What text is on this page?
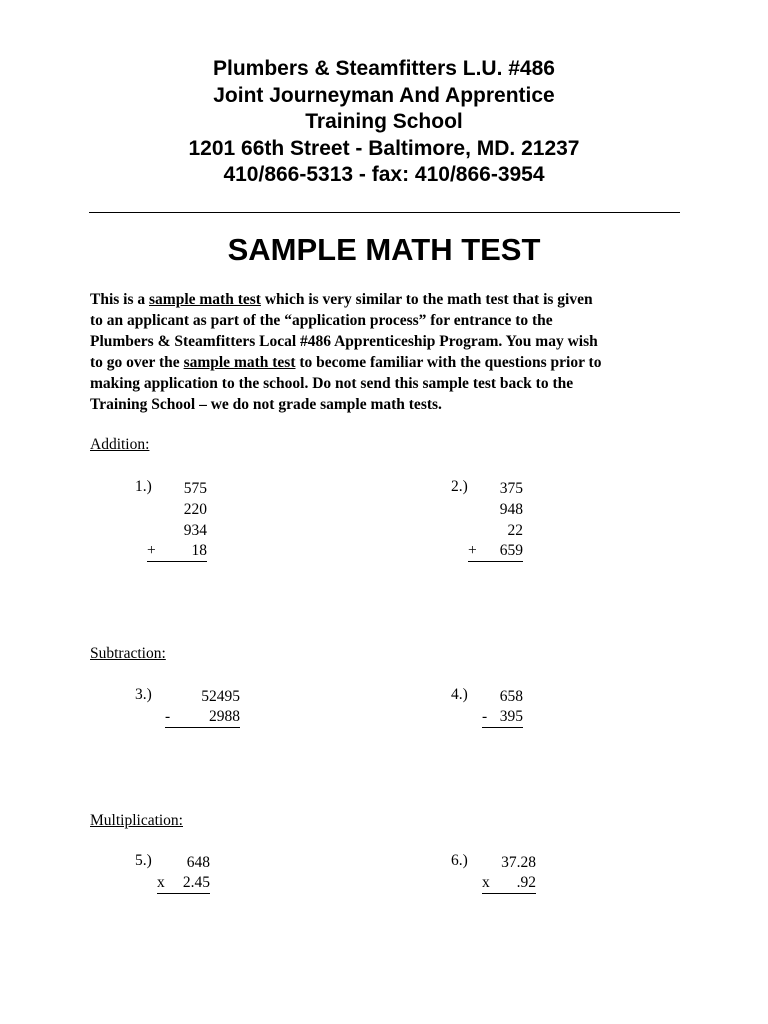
Plumbers & Steamfitters L.U. #486
Joint Journeyman And Apprentice
Training School
1201 66th Street - Baltimore, MD. 21237
410/866-5313 - fax: 410/866-3954
SAMPLE MATH TEST
This is a sample math test which is very similar to the math test that is given
to an applicant as part of the “application process” for entrance to the
Plumbers & Steamfitters Local #486 Apprenticeship Program. You may wish
to go over the sample math test to become familiar with the questions prior to
making application to the school. Do not send this sample test back to the
Training School – we do not grade sample math tests.
Addition:
1.)	575
220
934
+ 18
2.)	375
948
22
+ 659
Subtraction:
3.)	52495
-	2988
4.)	658
- 395
Multiplication:
5.)	648
x 2.45
6.)	37.28
x .92
